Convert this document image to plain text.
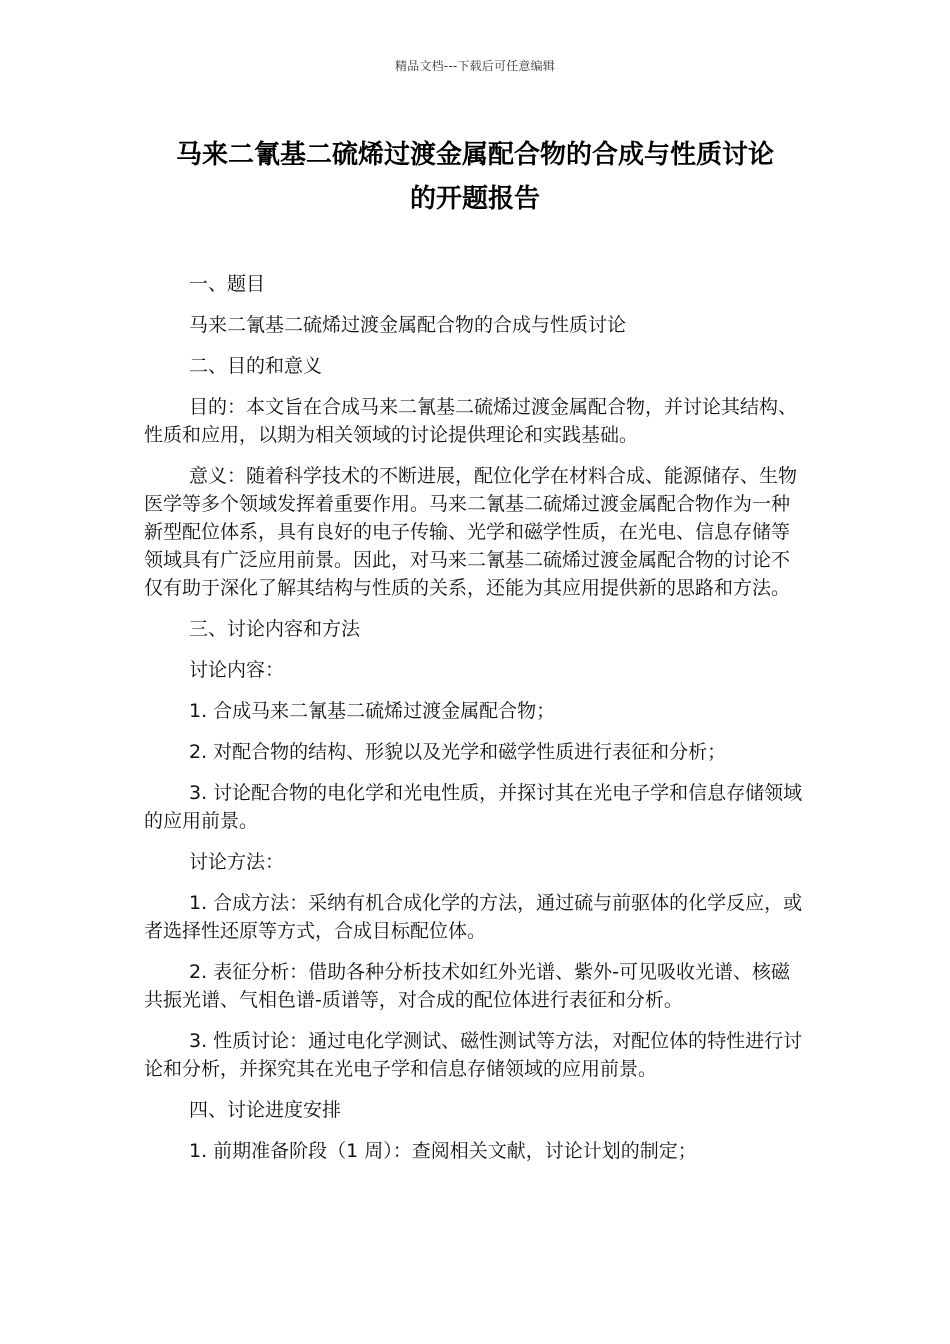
精品文档---下载后可任意编辑
马来二氰基二硫烯过渡金属配合物的合成与性质讨论
的开题报告

一、题目

马来二氰基二硫烯过渡金属配合物的合成与性质讨论

二、目的和意义

目的：本文旨在合成马来二氰基二硫烯过渡金属配合物，并讨论其结构、性质和应用，以期为相关领域的讨论提供理论和实践基础。

意义：随着科学技术的不断进展，配位化学在材料合成、能源储存、生物医学等多个领域发挥着重要作用。马来二氰基二硫烯过渡金属配合物作为一种新型配位体系，具有良好的电子传输、光学和磁学性质，在光电、信息存储等领域具有广泛应用前景。因此，对马来二氰基二硫烯过渡金属配合物的讨论不仅有助于深化了解其结构与性质的关系，还能为其应用提供新的思路和方法。

三、讨论内容和方法

讨论内容：

1. 合成马来二氰基二硫烯过渡金属配合物；

2. 对配合物的结构、形貌以及光学和磁学性质进行表征和分析；

3. 讨论配合物的电化学和光电性质，并探讨其在光电子学和信息存储领域的应用前景。

讨论方法：

1. 合成方法：采纳有机合成化学的方法，通过硫与前驱体的化学反应，或者选择性还原等方式，合成目标配位体。

2. 表征分析：借助各种分析技术如红外光谱、紫外-可见吸收光谱、核磁共振光谱、气相色谱-质谱等，对合成的配位体进行表征和分析。

3. 性质讨论：通过电化学测试、磁性测试等方法，对配位体的特性进行讨论和分析，并探究其在光电子学和信息存储领域的应用前景。

四、讨论进度安排

1. 前期准备阶段（1 周）：查阅相关文献，讨论计划的制定；
